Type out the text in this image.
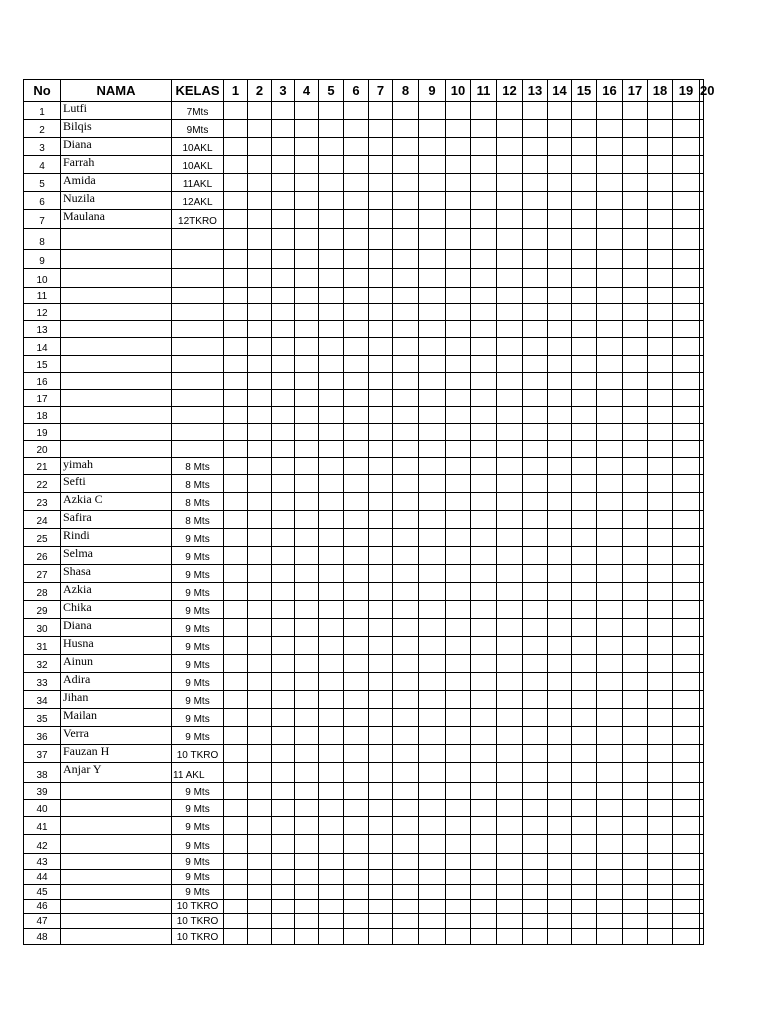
No	NAMA	KELAS	1	2	3	4	5	6	7	8	9	10	11	12	13	14	15	16	17	18	19	20
1	Lutfi	7Mts																				
2	Bilqis	9Mts																				
3	Diana	10AKL																				
4	Farrah	10AKL																				
5	Amida	11AKL																				
6	Nuzila	12AKL																				
7	Maulana	12TKRO																				
8																						
9																						
10																						
11																						
12																						
13																						
14																						
15																						
16																						
17																						
18																						
19																						
20																						
21	yimah	8 Mts																				
22	Sefti	8 Mts																				
23	Azkia C	8 Mts																				
24	Safira	8 Mts																				
25	Rindi	9 Mts																				
26	Selma	9 Mts																				
27	Shasa	9 Mts																				
28	Azkia	9 Mts																				
29	Chika	9 Mts																				
30	Diana	9 Mts																				
31	Husna	9 Mts																				
32	Ainun	9 Mts																				
33	Adira	9 Mts																				
34	Jihan	9 Mts																				
35	Mailan	9 Mts																				
36	Verra	9 Mts																				
37	Fauzan H	10 TKRO																				
38	Anjar Y	11 AKL																				
39		9 Mts																				
40		9 Mts																				
41		9 Mts																				
42		9 Mts																				
43		9 Mts																				
44		9 Mts																				
45		9 Mts																				
46		10 TKRO																				
47		10 TKRO																				
48		10 TKRO																				
